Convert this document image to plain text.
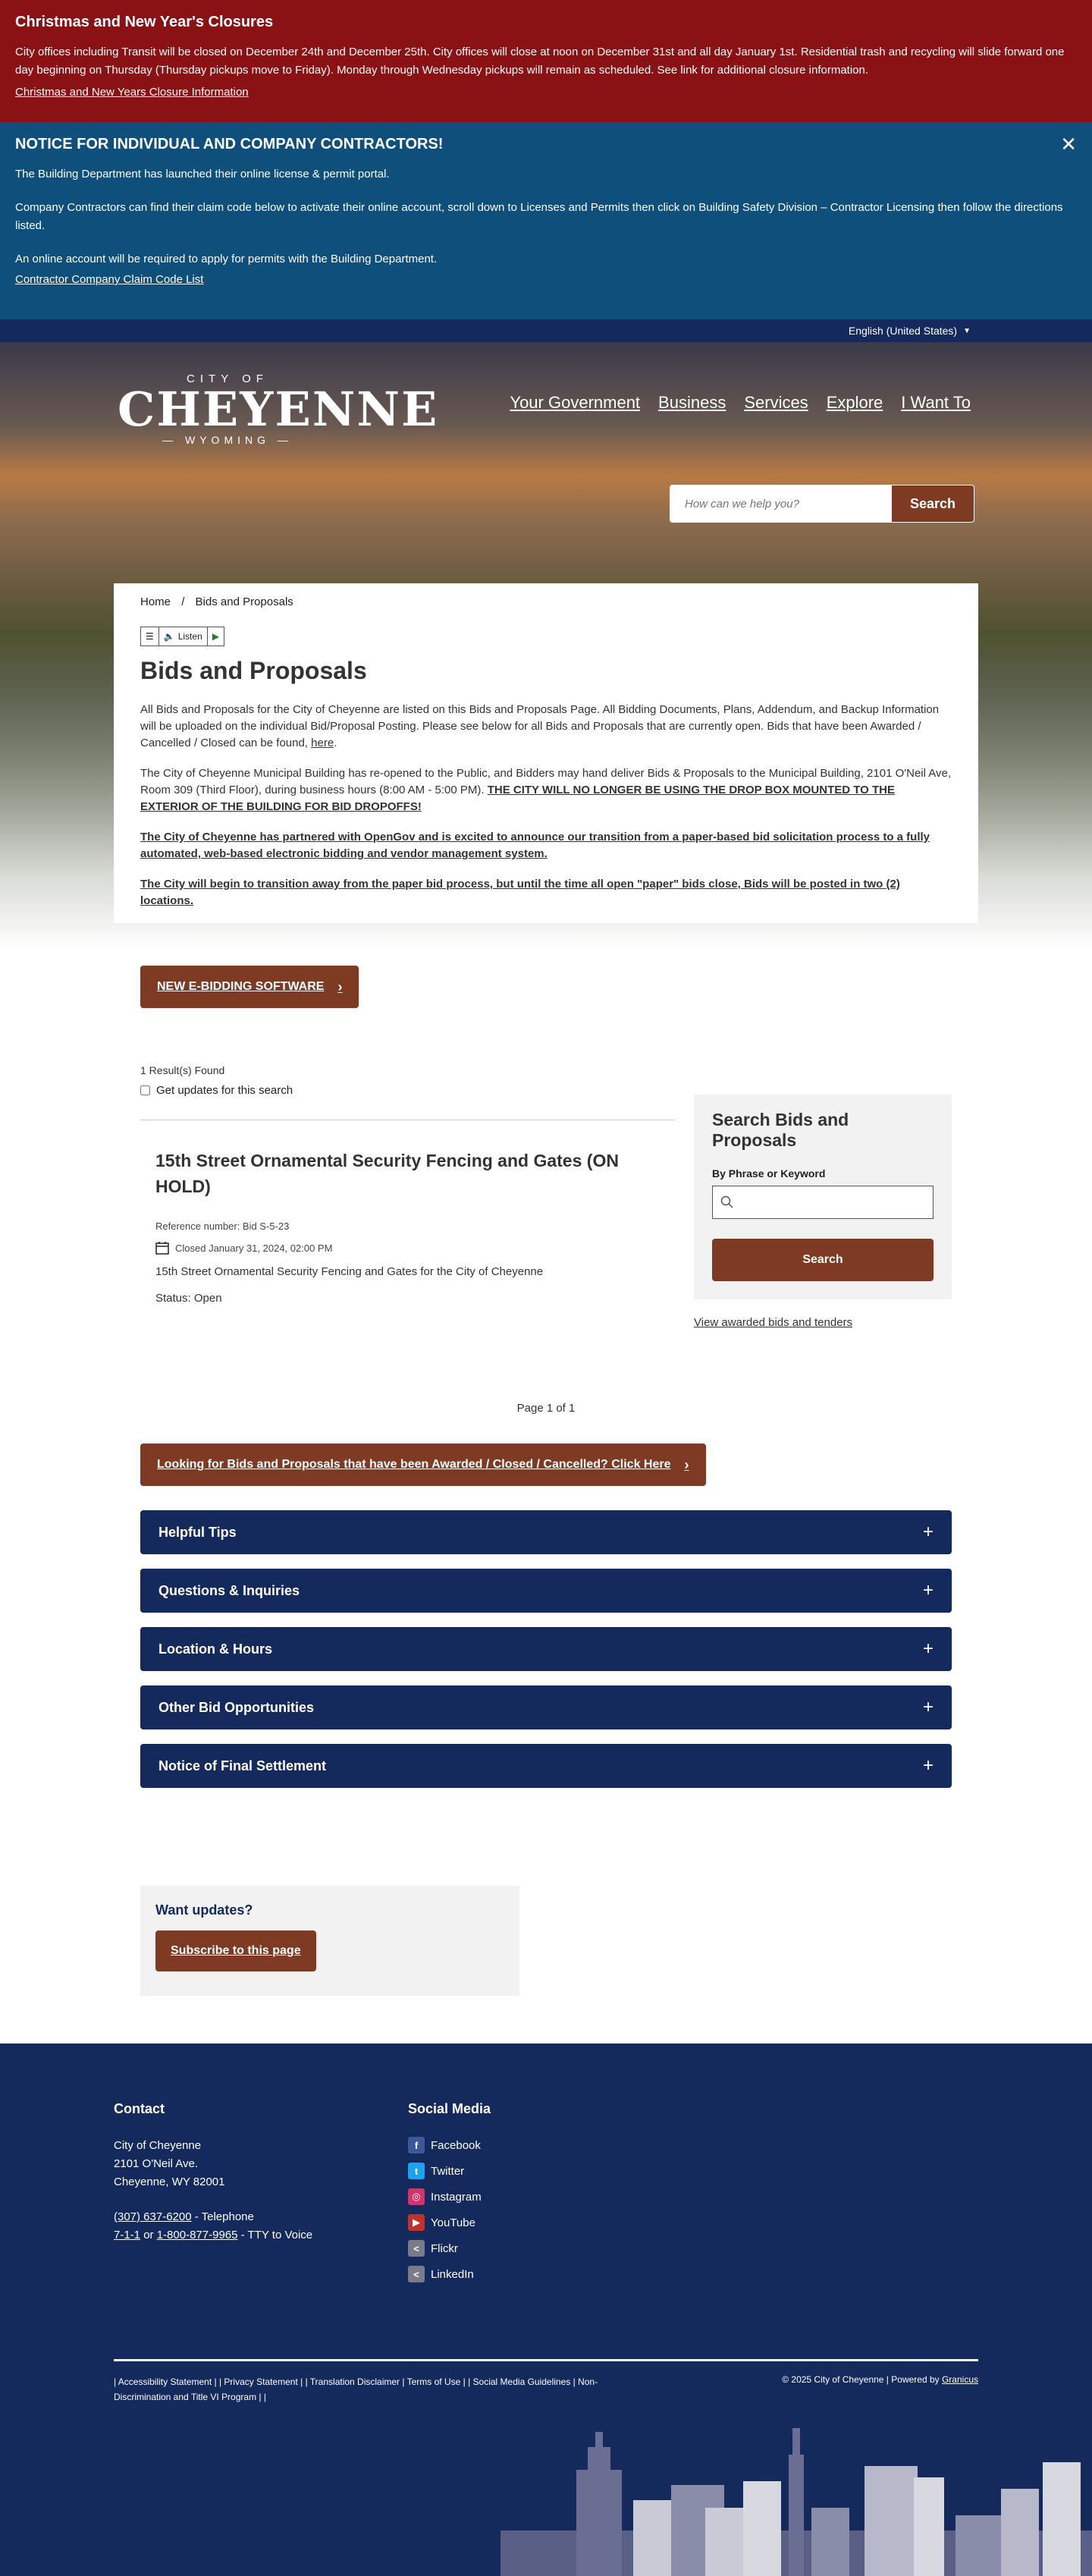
Christmas and New Year's Closures

City offices including Transit will be closed on December 24th and December 25th. City offices will close at noon on December 31st and all day January 1st. Residential trash and recycling will slide forward one day beginning on Thursday (Thursday pickups move to Friday). Monday through Wednesday pickups will remain as scheduled. See link for additional closure information.

Christmas and New Years Closure Information
✕
NOTICE FOR INDIVIDUAL AND COMPANY CONTRACTORS!

The Building Department has launched their online license & permit portal.

Company Contractors can find their claim code below to activate their online account, scroll down to Licenses and Permits then click on Building Safety Division – Contractor Licensing then follow the directions listed.

An online account will be required to apply for permits with the Building Department.

Contractor Company Claim Code List
English (United States) ▼
CITY OF
CHEYENNE
— WYOMING —
Your Government Business Services Explore I Want To
How can we help you?
Search
Home / Bids and Proposals
☰	🔈 Listen	▶
Bids and Proposals

All Bids and Proposals for the City of Cheyenne are listed on this Bids and Proposals Page. All Bidding Documents, Plans, Addendum, and Backup Information will be uploaded on the individual Bid/Proposal Posting. Please see below for all Bids and Proposals that are currently open. Bids that have been Awarded / Cancelled / Closed can be found, here.

The City of Cheyenne Municipal Building has re-opened to the Public, and Bidders may hand deliver Bids & Proposals to the Municipal Building, 2101 O'Neil Ave, Room 309 (Third Floor), during business hours (8:00 AM - 5:00 PM). THE CITY WILL NO LONGER BE USING THE DROP BOX MOUNTED TO THE EXTERIOR OF THE BUILDING FOR BID DROPOFFS!

The City of Cheyenne has partnered with OpenGov and is excited to announce our transition from a paper-based bid solicitation process to a fully automated, web-based electronic bidding and vendor management system.

The City will begin to transition away from the paper bid process, but until the time all open "paper" bids close, Bids will be posted in two (2) locations.

NEW E-BIDDING SOFTWARE ›
1 Result(s) Found
Get updates for this search
15th Street Ornamental Security Fencing and Gates (ON HOLD)
Reference number: Bid S-5-23
Closed January 31, 2024, 02:00 PM
15th Street Ornamental Security Fencing and Gates for the City of Cheyenne
Status: Open
Search Bids and Proposals
By Phrase or Keyword
Search
View awarded bids and tenders
Page 1 of 1
Looking for Bids and Proposals that have been Awarded / Closed / Cancelled? Click Here ›
Helpful Tips	+
Questions & Inquiries	+
Location & Hours	+
Other Bid Opportunities	+
Notice of Final Settlement	+
Want updates?
Subscribe to this page
Contact

City of Cheyenne
2101 O'Neil Ave.
Cheyenne, WY 82001

(307) 637-6200 - Telephone

7-1-1 or 1-800-877-9965 - TTY to Voice

Social Media
f	Facebook
t	Twitter
◎ Instagram
▶ YouTube
<	Flickr
<	LinkedIn
| Accessibility Statement | | Privacy Statement | | Translation Disclaimer | Terms of Use | | Social Media Guidelines | Non-Discrimination and Title VI Program | |
© 2025 City of Cheyenne | Powered by Granicus
